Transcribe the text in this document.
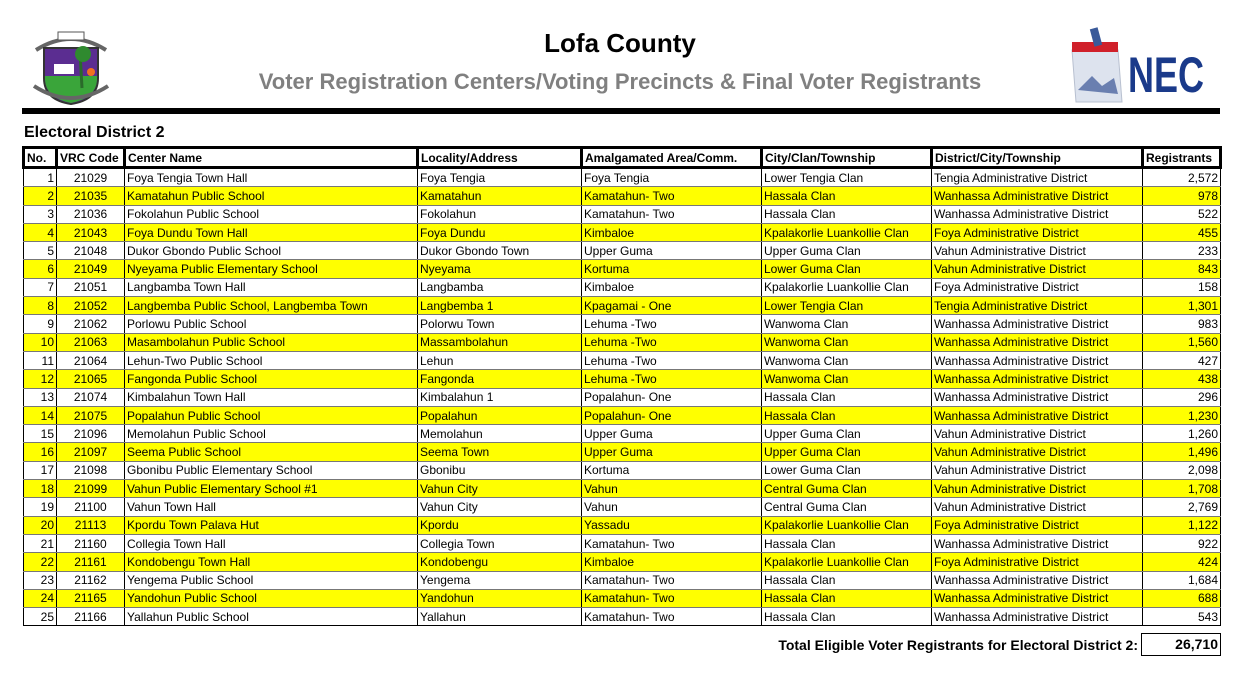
Lofa County
Voter Registration Centers/Voting Precincts & Final Voter Registrants	NEC
Electoral District 2
No.	VRC Code	Center Name	Locality/Address	Amalgamated Area/Comm.	City/Clan/Township	District/City/Township	Registrants
1	21029	Foya Tengia Town Hall	Foya Tengia	Foya Tengia	Lower Tengia Clan	Tengia Administrative District	2,572
2	21035	Kamatahun Public School	Kamatahun	Kamatahun- Two	Hassala Clan	Wanhassa Administrative District	978
3	21036	Fokolahun Public School	Fokolahun	Kamatahun- Two	Hassala Clan	Wanhassa Administrative District	522
4	21043	Foya Dundu Town Hall	Foya Dundu	Kimbaloe	Kpalakorlie Luankollie Clan	Foya Administrative District	455
5	21048	Dukor Gbondo Public School	Dukor Gbondo Town	Upper Guma	Upper Guma Clan	Vahun Administrative District	233
6	21049	Nyeyama Public Elementary School	Nyeyama	Kortuma	Lower Guma Clan	Vahun Administrative District	843
7	21051	Langbamba Town Hall	Langbamba	Kimbaloe	Kpalakorlie Luankollie Clan	Foya Administrative District	158
8	21052	Langbemba Public School, Langbemba Town	Langbemba 1	Kpagamai - One	Lower Tengia Clan	Tengia Administrative District	1,301
9	21062	Porlowu Public School	Polorwu Town	Lehuma -Two	Wanwoma Clan	Wanhassa Administrative District	983
10	21063	Masambolahun Public School	Massambolahun	Lehuma -Two	Wanwoma Clan	Wanhassa Administrative District	1,560
11	21064	Lehun-Two Public School	Lehun	Lehuma -Two	Wanwoma Clan	Wanhassa Administrative District	427
12	21065	Fangonda Public School	Fangonda	Lehuma -Two	Wanwoma Clan	Wanhassa Administrative District	438
13	21074	Kimbalahun Town Hall	Kimbalahun 1	Popalahun- One	Hassala Clan	Wanhassa Administrative District	296
14	21075	Popalahun Public School	Popalahun	Popalahun- One	Hassala Clan	Wanhassa Administrative District	1,230
15	21096	Memolahun Public School	Memolahun	Upper Guma	Upper Guma Clan	Vahun Administrative District	1,260
16	21097	Seema Public School	Seema Town	Upper Guma	Upper Guma Clan	Vahun Administrative District	1,496
17	21098	Gbonibu Public Elementary School	Gbonibu	Kortuma	Lower Guma Clan	Vahun Administrative District	2,098
18	21099	Vahun Public Elementary School #1	Vahun City	Vahun	Central Guma Clan	Vahun Administrative District	1,708
19	21100	Vahun Town Hall	Vahun City	Vahun	Central Guma Clan	Vahun Administrative District	2,769
20	21113	Kpordu Town Palava Hut	Kpordu	Yassadu	Kpalakorlie Luankollie Clan	Foya Administrative District	1,122
21	21160	Collegia Town Hall	Collegia Town	Kamatahun- Two	Hassala Clan	Wanhassa Administrative District	922
22	21161	Kondobengu Town Hall	Kondobengu	Kimbaloe	Kpalakorlie Luankollie Clan	Foya Administrative District	424
23	21162	Yengema Public School	Yengema	Kamatahun- Two	Hassala Clan	Wanhassa Administrative District	1,684
24	21165	Yandohun Public School	Yandohun	Kamatahun- Two	Hassala Clan	Wanhassa Administrative District	688
25	21166	Yallahun Public School	Yallahun	Kamatahun- Two	Hassala Clan	Wanhassa Administrative District	543
Total Eligible Voter Registrants for Electoral District 2:	26,710
